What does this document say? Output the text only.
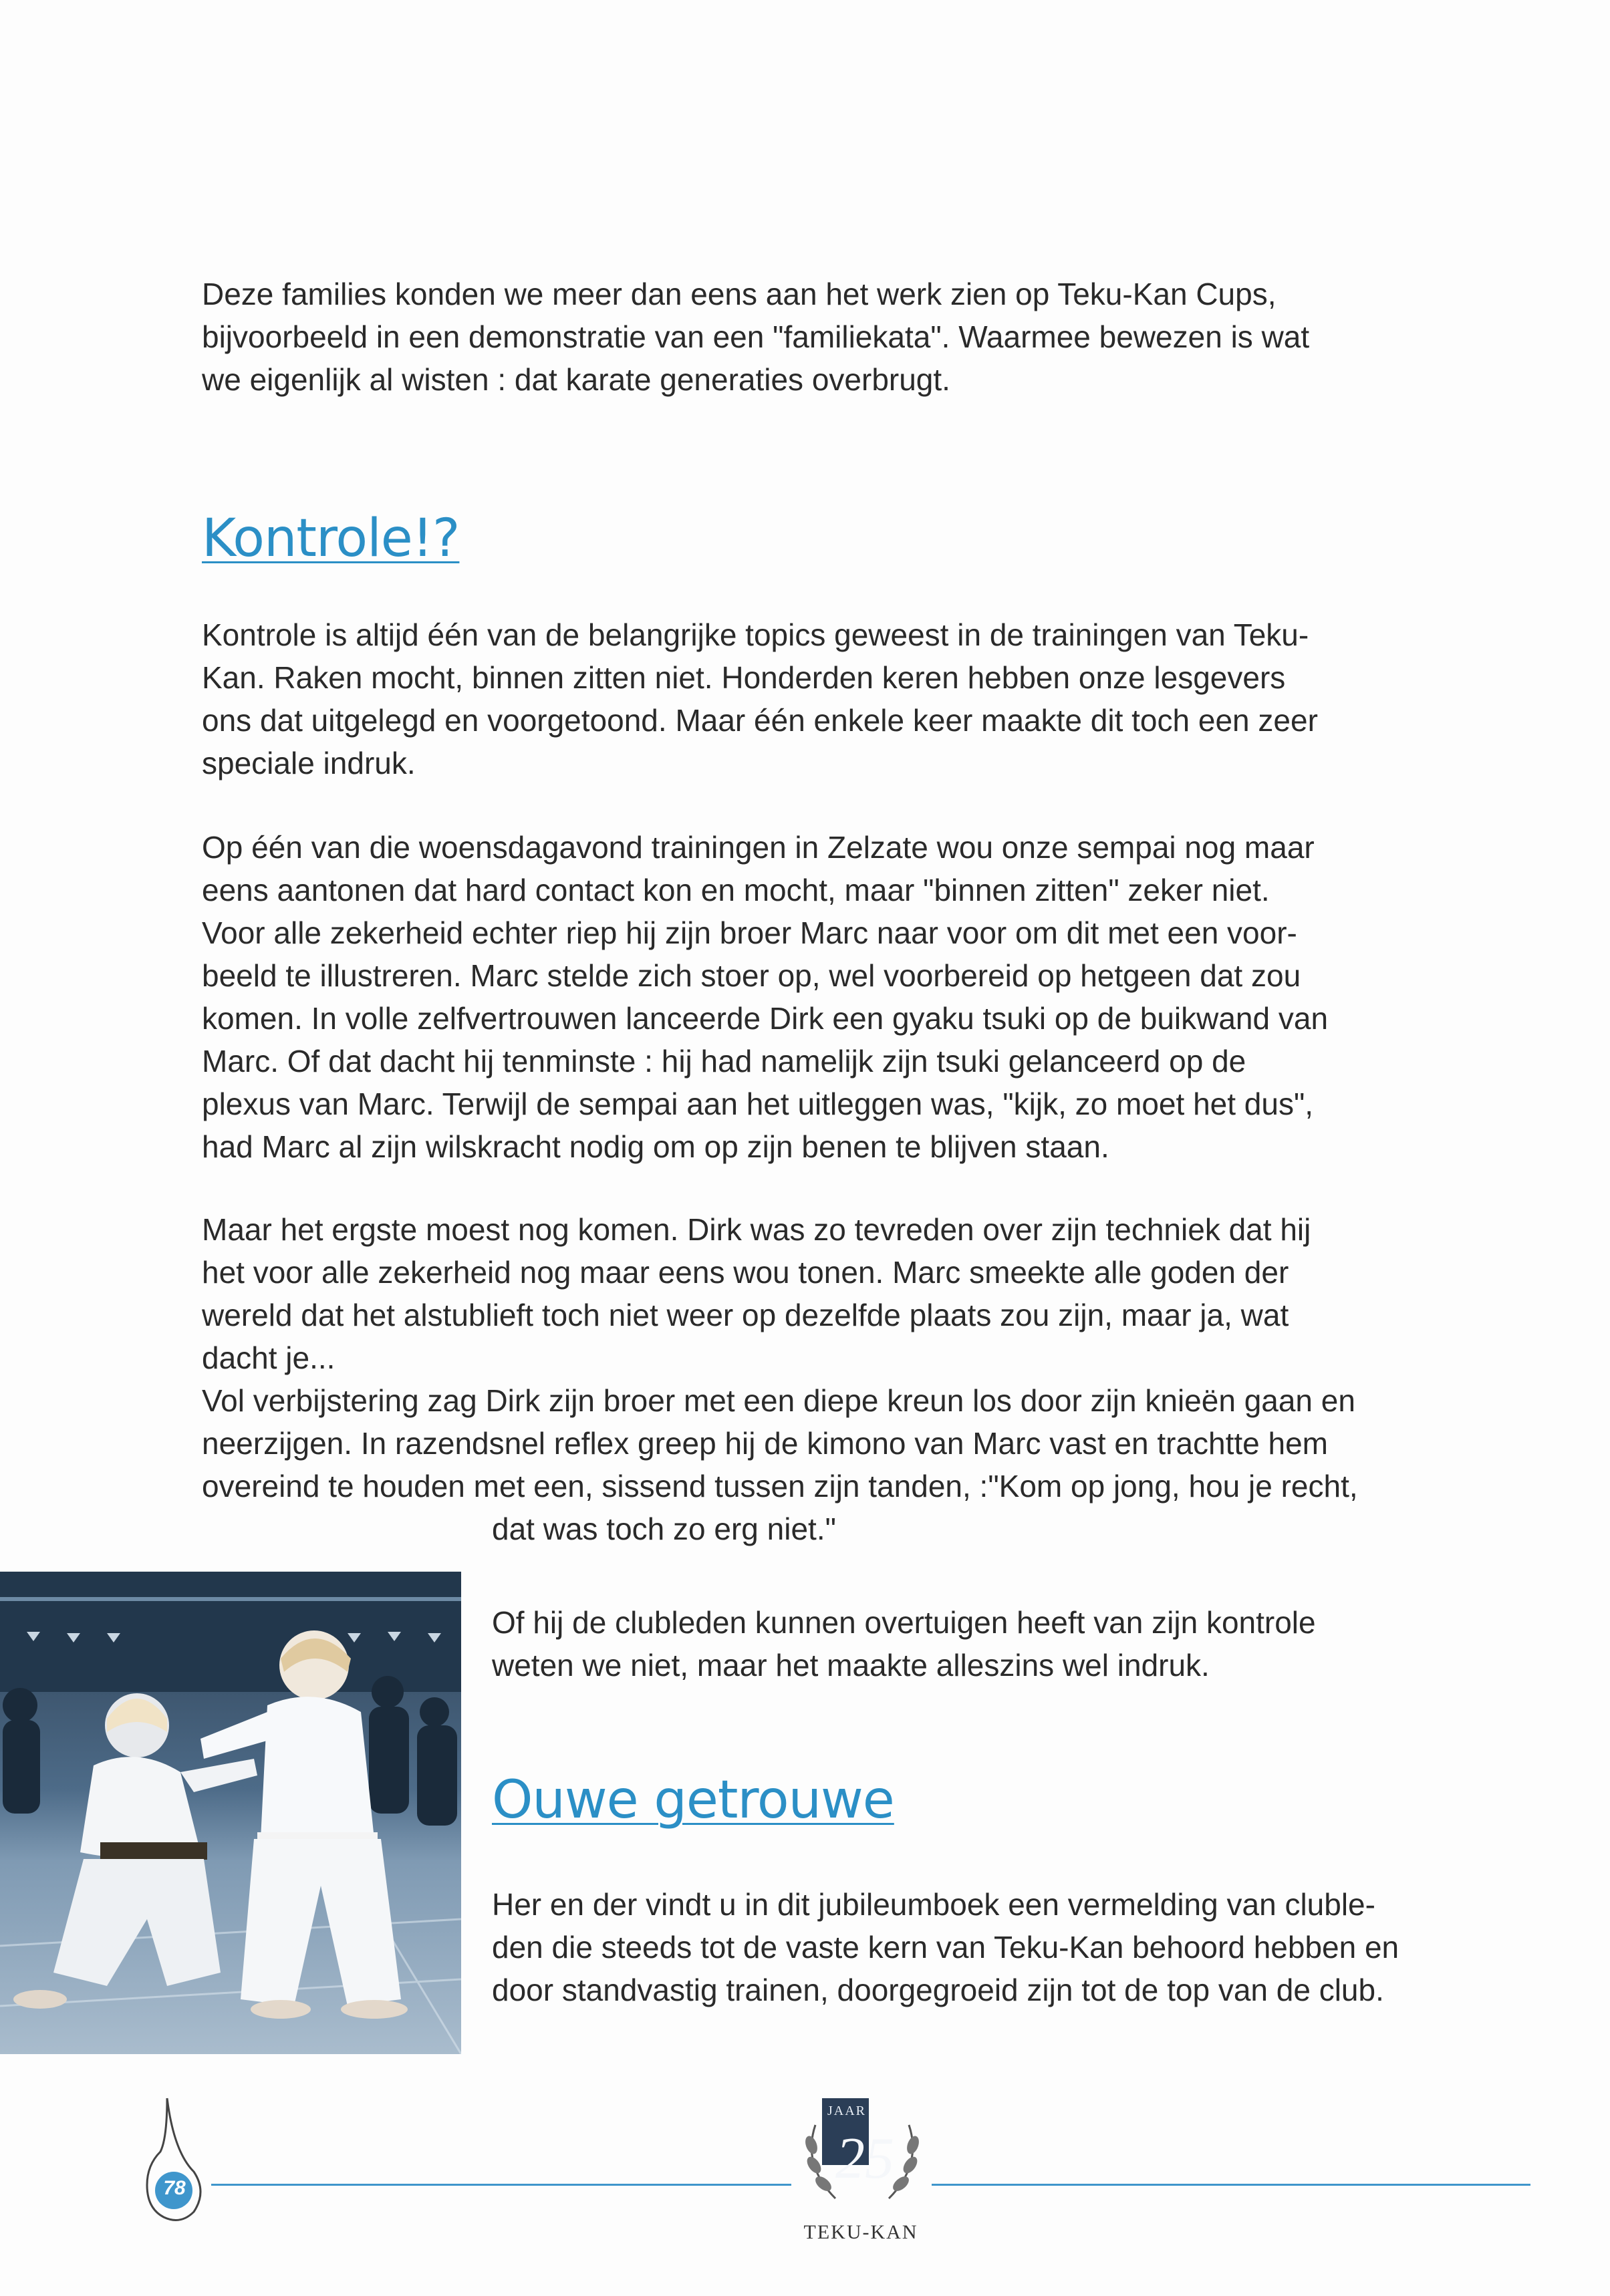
Deze families konden we meer dan eens aan het werk zien op Teku-Kan Cups,
bijvoorbeeld in een demonstratie van een "familiekata". Waarmee bewezen is wat
we eigenlijk al wisten : dat karate generaties overbrugt.

Kontrole!?

Kontrole is altijd één van de belangrijke topics geweest in de trainingen van Teku-
Kan. Raken mocht, binnen zitten niet. Honderden keren hebben onze lesgevers
ons dat uitgelegd en voorgetoond. Maar één enkele keer maakte dit toch een zeer
speciale indruk.

Op één van die woensdagavond trainingen in Zelzate wou onze sempai nog maar
eens aantonen dat hard contact kon en mocht, maar "binnen zitten" zeker niet.
Voor alle zekerheid echter riep hij zijn broer Marc naar voor om dit met een voor-
beeld te illustreren. Marc stelde zich stoer op, wel voorbereid op hetgeen dat zou
komen. In volle zelfvertrouwen lanceerde Dirk een gyaku tsuki op de buikwand van
Marc. Of dat dacht hij tenminste : hij had namelijk zijn tsuki gelanceerd op de
plexus van Marc. Terwijl de sempai aan het uitleggen was, "kijk, zo moet het dus",
had Marc al zijn wilskracht nodig om op zijn benen te blijven staan.

Maar het ergste moest nog komen. Dirk was zo tevreden over zijn techniek dat hij
het voor alle zekerheid nog maar eens wou tonen. Marc smeekte alle goden der
wereld dat het alstublieft toch niet weer op dezelfde plaats zou zijn, maar ja, wat
dacht je...
Vol verbijstering zag Dirk zijn broer met een diepe kreun los door zijn knieën gaan en
neerzijgen. In razendsnel reflex greep hij de kimono van Marc vast en trachtte hem
overeind te houden met een, sissend tussen zijn tanden, :"Kom op jong, hou je recht,

dat was toch zo erg niet."

Of hij de clubleden kunnen overtuigen heeft van zijn kontrole
weten we niet, maar het maakte alleszins wel indruk.

Ouwe getrouwe

Her en der vindt u in dit jubileumboek een vermelding van cluble-
den die steeds tot de vaste kern van Teku-Kan behoord hebben en
door standvastig trainen, doorgegroeid zijn tot de top van de club.

78
JAAR
25
TEKU-KAN
